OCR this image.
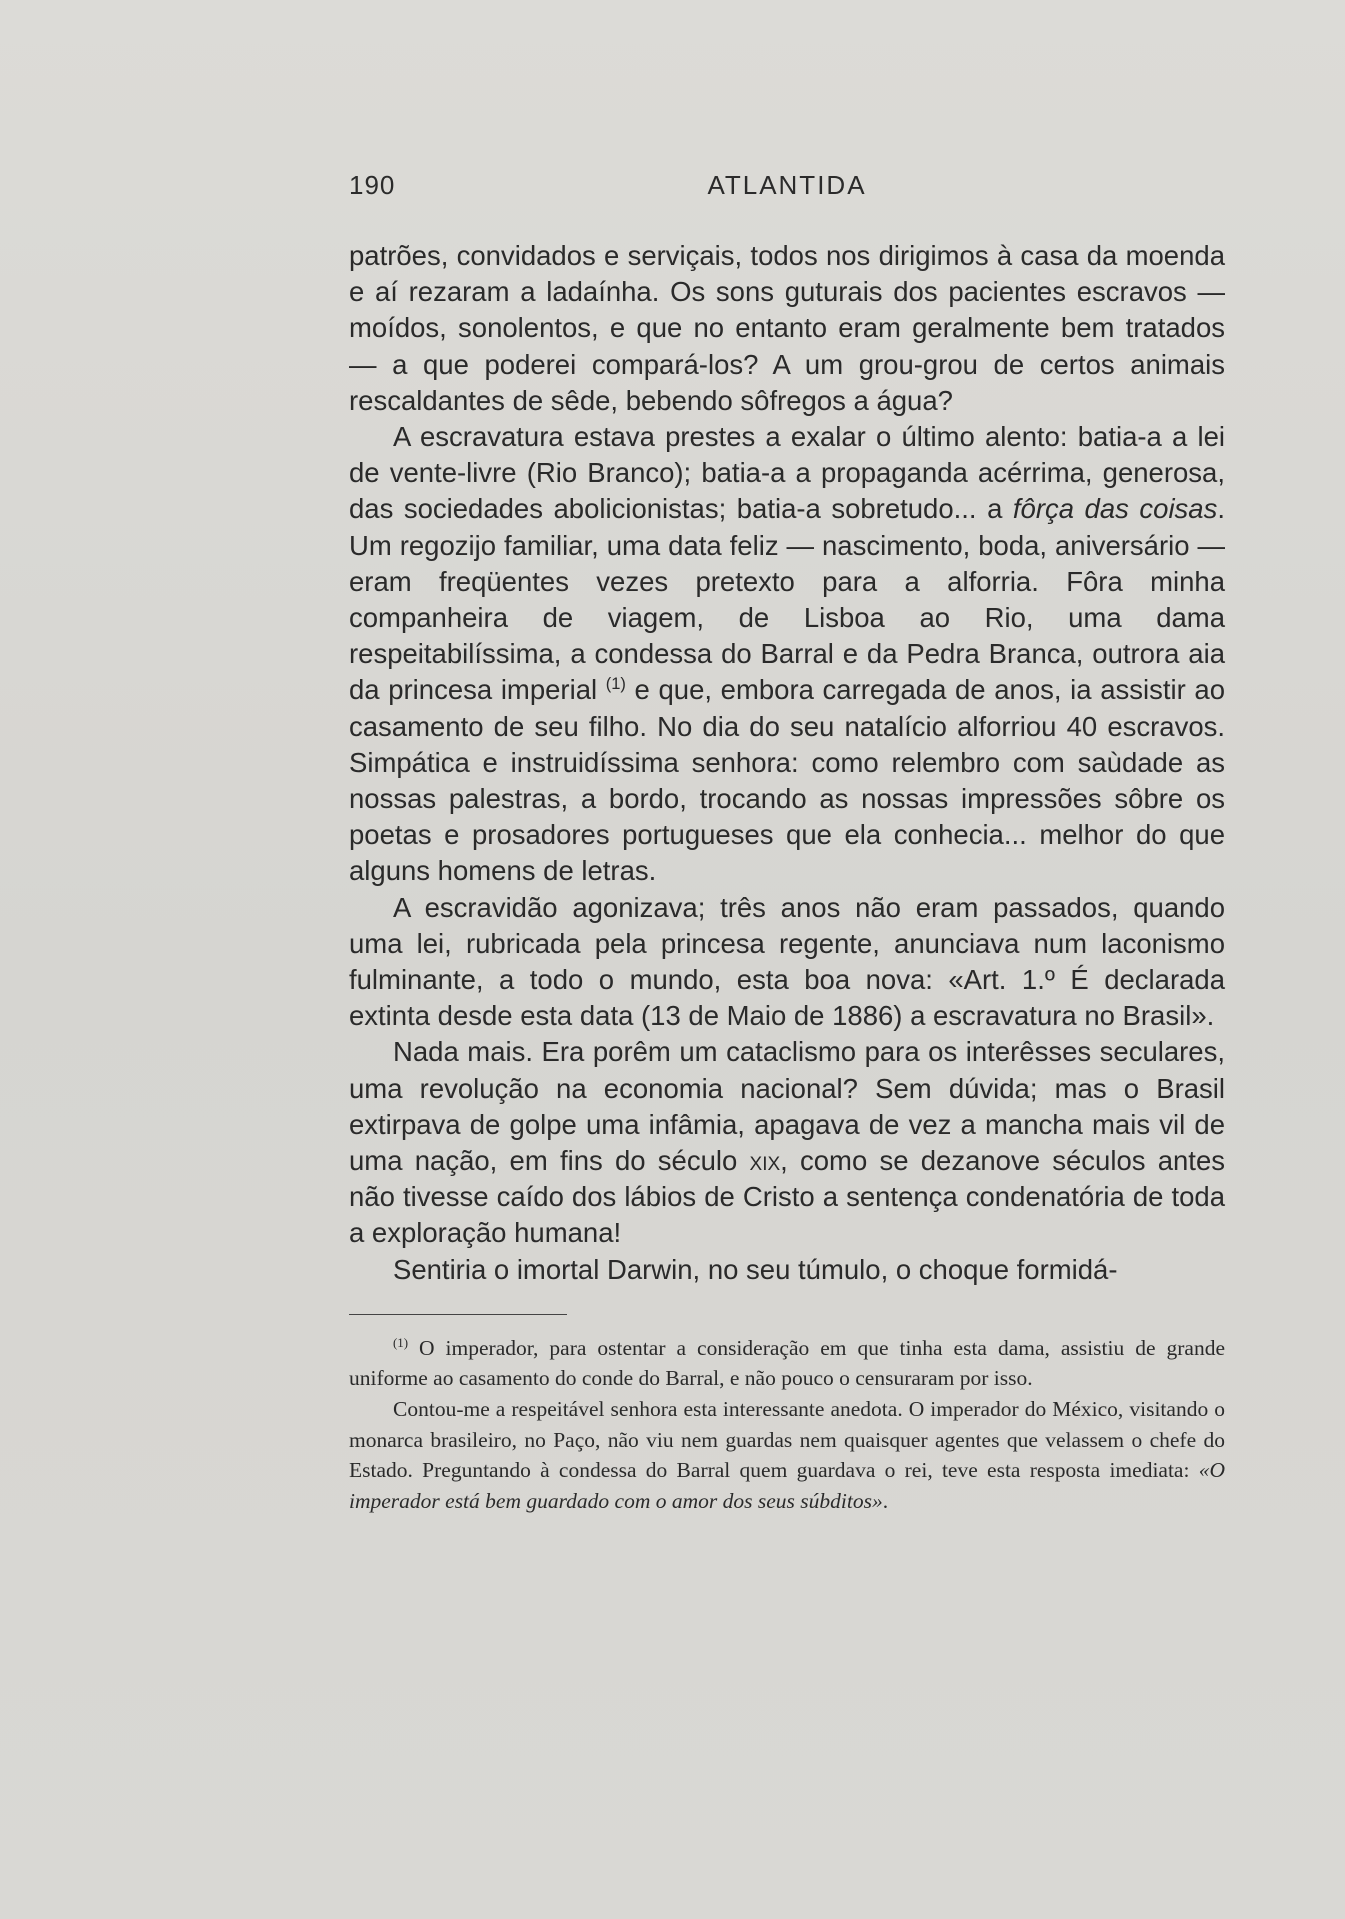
190	ATLANTIDA

patrões, convidados e serviçais, todos nos dirigimos à casa da moenda e aí rezaram a ladaínha. Os sons guturais dos pacientes escravos — moídos, sonolentos, e que no entanto eram geralmente bem tratados — a que poderei compará-los? A um grou-grou de certos animais rescaldantes de sêde, bebendo sôfregos a água?

A escravatura estava prestes a exalar o último alento: batia-a a lei de vente-livre (Rio Branco); batia-a a propaganda acérrima, generosa, das sociedades abolicionistas; batia-a sobretudo... a fôrça das coisas. Um regozijo familiar, uma data feliz — nascimento, boda, aniversário — eram freqüentes vezes pretexto para a alforria. Fôra minha companheira de viagem, de Lisboa ao Rio, uma dama respeitabilíssima, a condessa do Barral e da Pedra Branca, outrora aia da princesa imperial $^{(1)}$ e que, embora carregada de anos, ia assistir ao casamento de seu filho. No dia do seu natalício alforriou 40 escravos. Simpática e instruidíssima senhora: como relembro com saùdade as nossas palestras, a bordo, trocando as nossas impressões sôbre os poetas e prosadores portugueses que ela conhecia... melhor do que alguns homens de letras.

A escravidão agonizava; três anos não eram passados, quando uma lei, rubricada pela princesa regente, anunciava num laconismo fulminante, a todo o mundo, esta boa nova: «Art. 1.º É declarada extinta desde esta data (13 de Maio de 1886) a escravatura no Brasil».

Nada mais. Era porêm um cataclismo para os interêsses seculares, uma revolução na economia nacional? Sem dúvida; mas o Brasil extirpava de golpe uma infâmia, apagava de vez a mancha mais vil de uma nação, em fins do século xix, como se dezanove séculos antes não tivesse caído dos lábios de Cristo a sentença condenatória de toda a exploração humana!

Sentiria o imortal Darwin, no seu túmulo, o choque formidá-

$^{(1)}$ O imperador, para ostentar a consideração em que tinha esta dama, assistiu de grande uniforme ao casamento do conde do Barral, e não pouco o censuraram por isso.

Contou-me a respeitável senhora esta interessante anedota. O imperador do México, visitando o monarca brasileiro, no Paço, não viu nem guardas nem quaisquer agentes que velassem o chefe do Estado. Preguntando à condessa do Barral quem guardava o rei, teve esta resposta imediata: «O imperador está bem guardado com o amor dos seus súbditos».
